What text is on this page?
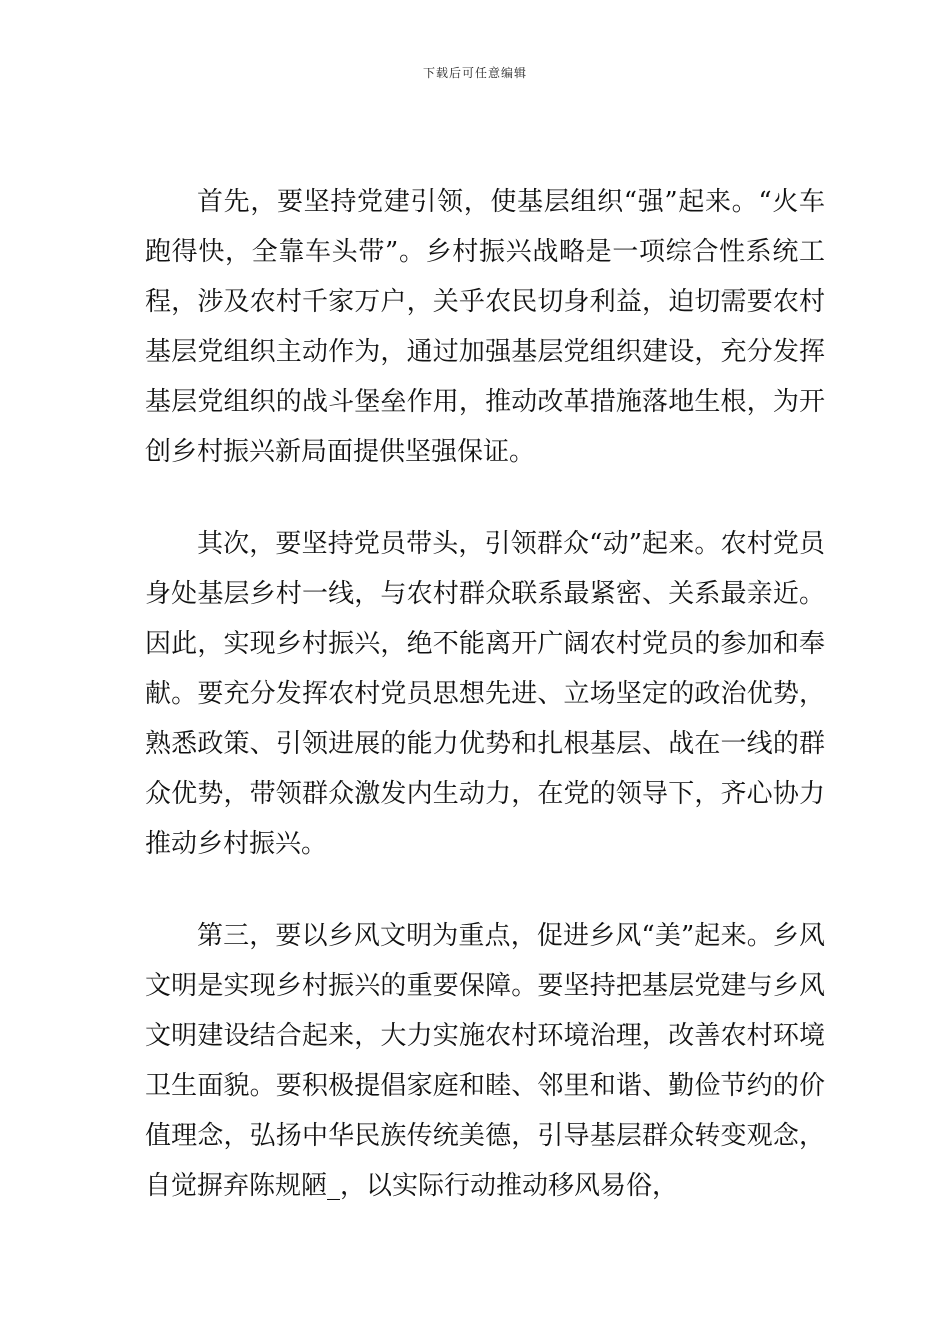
下载后可任意编辑

首先，要坚持党建引领，使基层组织“强”起来。“火车跑得快，全靠车头带”。乡村振兴战略是一项综合性系统工程，涉及农村千家万户，关乎农民切身利益，迫切需要农村基层党组织主动作为，通过加强基层党组织建设，充分发挥基层党组织的战斗堡垒作用，推动改革措施落地生根，为开创乡村振兴新局面提供坚强保证。

其次，要坚持党员带头，引领群众“动”起来。农村党员身处基层乡村一线，与农村群众联系最紧密、关系最亲近。因此，实现乡村振兴，绝不能离开广阔农村党员的参加和奉献。要充分发挥农村党员思想先进、立场坚定的政治优势，熟悉政策、引领进展的能力优势和扎根基层、战在一线的群众优势，带领群众激发内生动力，在党的领导下，齐心协力推动乡村振兴。

第三，要以乡风文明为重点，促进乡风“美”起来。乡风文明是实现乡村振兴的重要保障。要坚持把基层党建与乡风文明建设结合起来，大力实施农村环境治理，改善农村环境卫生面貌。要积极提倡家庭和睦、邻里和谐、勤俭节约的价值理念，弘扬中华民族传统美德，引导基层群众转变观念，自觉摒弃陈规陋_，以实际行动推动移风易俗，
